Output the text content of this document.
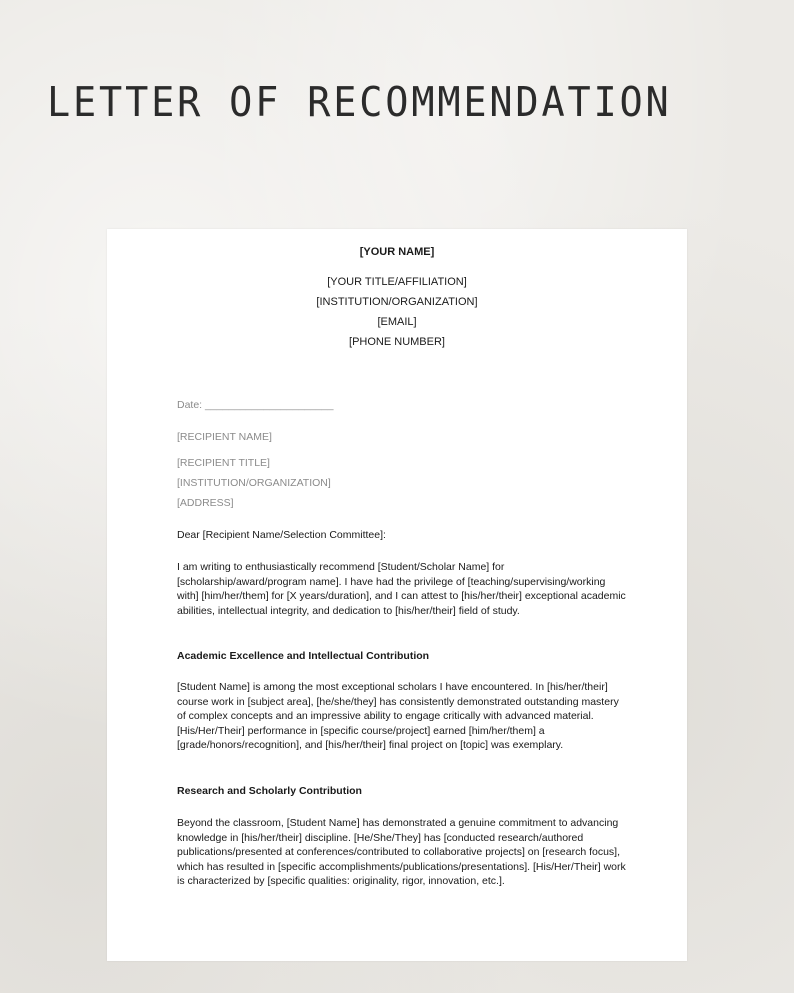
LETTER OF RECOMMENDATION
[YOUR NAME]
[YOUR TITLE/AFFILIATION]
[INSTITUTION/ORGANIZATION]
[EMAIL]
[PHONE NUMBER]
Date: ______________________
[RECIPIENT NAME]
[RECIPIENT TITLE]
[INSTITUTION/ORGANIZATION]
[ADDRESS]
Dear [Recipient Name/Selection Committee]:

I am writing to enthusiastically recommend [Student/Scholar Name] for [scholarship/award/program name]. I have had the privilege of [teaching/supervising/working with] [him/her/them] for [X years/duration], and I can attest to [his/her/their] exceptional academic abilities, intellectual integrity, and dedication to [his/her/their] field of study.

Academic Excellence and Intellectual Contribution

[Student Name] is among the most exceptional scholars I have encountered. In [his/her/their] course work in [subject area], [he/she/they] has consistently demonstrated outstanding mastery of complex concepts and an impressive ability to engage critically with advanced material. [His/Her/Their] performance in [specific course/project] earned [him/her/them] a [grade/honors/recognition], and [his/her/their] final project on [topic] was exemplary.

Research and Scholarly Contribution

Beyond the classroom, [Student Name] has demonstrated a genuine commitment to advancing knowledge in [his/her/their] discipline. [He/She/They] has [conducted research/authored publications/presented at conferences/contributed to collaborative projects] on [research focus], which has resulted in [specific accomplishments/publications/presentations]. [His/Her/Their] work is characterized by [specific qualities: originality, rigor, innovation, etc.].
